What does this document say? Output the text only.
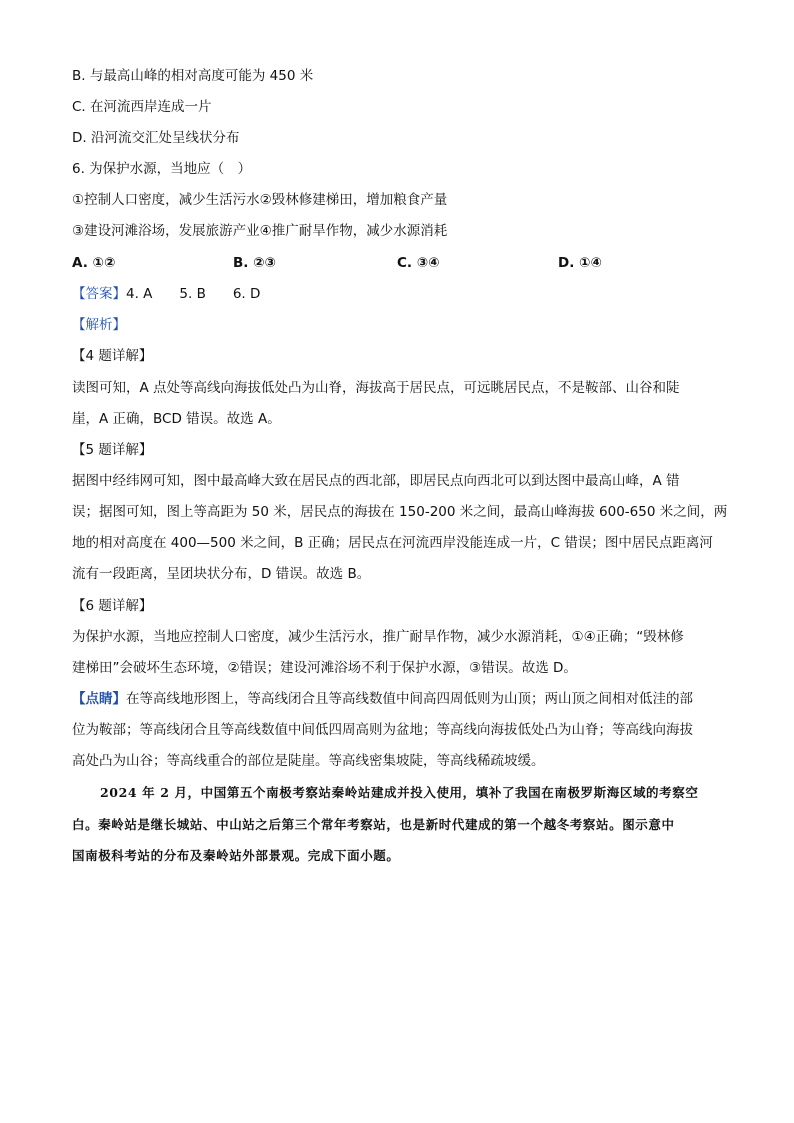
B. 与最高山峰的相对高度可能为 450 米
C. 在河流西岸连成一片
D. 沿河流交汇处呈线状分布
6. 为保护水源，当地应（　）
①控制人口密度，减少生活污水②毁林修建梯田，增加粮食产量
③建设河滩浴场，发展旅游产业④推广耐旱作物，减少水源消耗
A. ①②	B. ②③	C. ③④	D. ①④
【答案】4. A　　5. B　　6. D
【解析】
【4 题详解】
读图可知，A 点处等高线向海拔低处凸为山脊，海拔高于居民点，可远眺居民点，不是鞍部、山谷和陡
崖，A 正确，BCD 错误。故选 A。
【5 题详解】
据图中经纬网可知，图中最高峰大致在居民点的西北部，即居民点向西北可以到达图中最高山峰，A 错
误；据图可知，图上等高距为 50 米，居民点的海拔在 150-200 米之间，最高山峰海拔 600-650 米之间，两
地的相对高度在 400—500 米之间，B 正确；居民点在河流西岸没能连成一片，C 错误；图中居民点距离河
流有一段距离，呈团块状分布，D 错误。故选 B。
【6 题详解】
为保护水源，当地应控制人口密度，减少生活污水，推广耐旱作物，减少水源消耗，①④正确；“毁林修
建梯田”会破坏生态环境，②错误；建设河滩浴场不利于保护水源，③错误。故选 D。
【点睛】在等高线地形图上，等高线闭合且等高线数值中间高四周低则为山顶；两山顶之间相对低洼的部
位为鞍部；等高线闭合且等高线数值中间低四周高则为盆地；等高线向海拔低处凸为山脊；等高线向海拔
高处凸为山谷；等高线重合的部位是陡崖。等高线密集坡陡，等高线稀疏坡缓。
2024 年 2 月，中国第五个南极考察站秦岭站建成并投入使用，填补了我国在南极罗斯海区域的考察空
白。秦岭站是继长城站、中山站之后第三个常年考察站，也是新时代建成的第一个越冬考察站。图示意中
国南极科考站的分布及秦岭站外部景观。完成下面小题。
